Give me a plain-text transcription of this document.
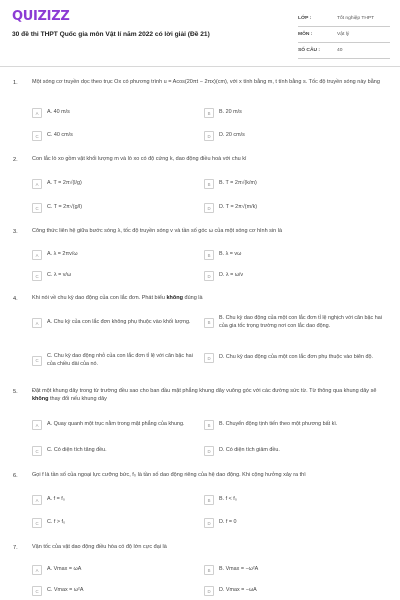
QUIZIZZ
30 đề thi THPT Quốc gia môn Vật lí năm 2022 có lời giải (Đề 21)
LỚP :	Tốt nghiệp THPT
MÔN :	Vật lý
SỐ CÂU :	40
1.	Một sóng cơ truyền dọc theo trục Ox có phương trình u = Acos(20πt − 2πx)(cm), với x tính bằng m, t tính bằng s. Tốc độ truyền sóng này bằng
A	A. 40 m/s	B	B. 20 m/s
C	C. 40 cm/s	D	D. 20 cm/s
2.	Con lắc lò xo gồm vật khối lượng m và lò xo có độ cứng k, dao động điều hoà với chu kì
A	A. T = 2π√(l/g)	B	B. T = 2π√(k/m)
C	C. T = 2π√(g/l)	D	D. T = 2π√(m/k)
3.	Công thức liên hệ giữa bước sóng λ, tốc độ truyền sóng v và tần số góc ω của một sóng cơ hình sin là
A	A. λ = 2πv/ω	B	B. λ = vω
C	C. λ = v/ω	D	D. λ = ω/v
4.	Khi nói về chu kỳ dao động của con lắc đơn. Phát biểu không đúng là
A	A. Chu kỳ của con lắc đơn không phụ thuộc vào khối lượng.	B
B. Chu kỳ dao động của một con lắc đơn tỉ lệ nghịch với căn bậc hai của gia tốc trọng trường nơi con lắc dao động.
C
C. Chu kỳ dao động nhỏ của con lắc đơn tỉ lệ với căn bậc hai của chiều dài của nó.
D	D. Chu kỳ dao động của một con lắc đơn phụ thuộc vào biên độ.
5.	Đặt một khung dây trong từ trường đều sao cho ban đầu mặt phẳng khung dây vuông góc với các đường sức từ. Từ thông qua khung dây sẽ không thay đổi nếu khung dây
A	A. Quay quanh một trục nằm trong mặt phẳng của khung.	B	B. Chuyển động tịnh tiến theo một phương bất kì.
C	C. Có diện tích tăng đều.	D	D. Có diện tích giảm đều.
6.	Gọi f là tần số của ngoại lực cưỡng bức, f₀ là tần số dao động riêng của hệ dao động. Khi cộng hưởng xảy ra thì
A	A. f = f₀	B	B. f < f₀
C	C. f > f₀	D	D. f = 0
7.	Vận tốc của vật dao động điều hòa có độ lớn cực đại là
A	A. Vmax = ωA	B	B. Vmax = −ω²A
C	C. Vmax = ω²A	D	D. Vmax = −ωA
